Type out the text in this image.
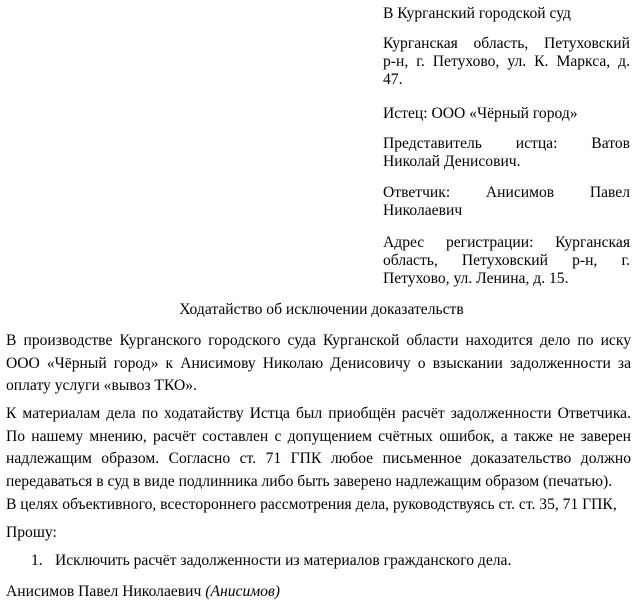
В Курганский городской суд
Курганская область, Петуховский
р-н, г. Петухово, ул. К. Маркса, д.
47.
Истец: ООО «Чёрный город»
Представитель истца: Ватов
Николай Денисович.
Ответчик: Анисимов Павел
Николаевич
Адрес регистрации: Курганская
область, Петуховский р-н, г.
Петухово, ул. Ленина, д. 15.
Ходатайство об исключении доказательств
В производстве Курганского городского суда Курганской области находится дело по иску
ООО «Чёрный город» к Анисимову Николаю Денисовичу о взыскании задолженности за
оплату услуги «вывоз ТКО».
К материалам дела по ходатайству Истца был приобщён расчёт задолженности Ответчика.
По нашему мнению, расчёт составлен с допущением счётных ошибок, а также не заверен
надлежащим образом. Согласно ст. 71 ГПК любое письменное доказательство должно
передаваться в суд в виде подлинника либо быть заверено надлежащим образом (печатью).
В целях объективного, всестороннего рассмотрения дела, руководствуясь ст. ст. 35, 71 ГПК,
Прошу:
1. Исключить расчёт задолженности из материалов гражданского дела.
Анисимов Павел Николаевич (Анисимов)
